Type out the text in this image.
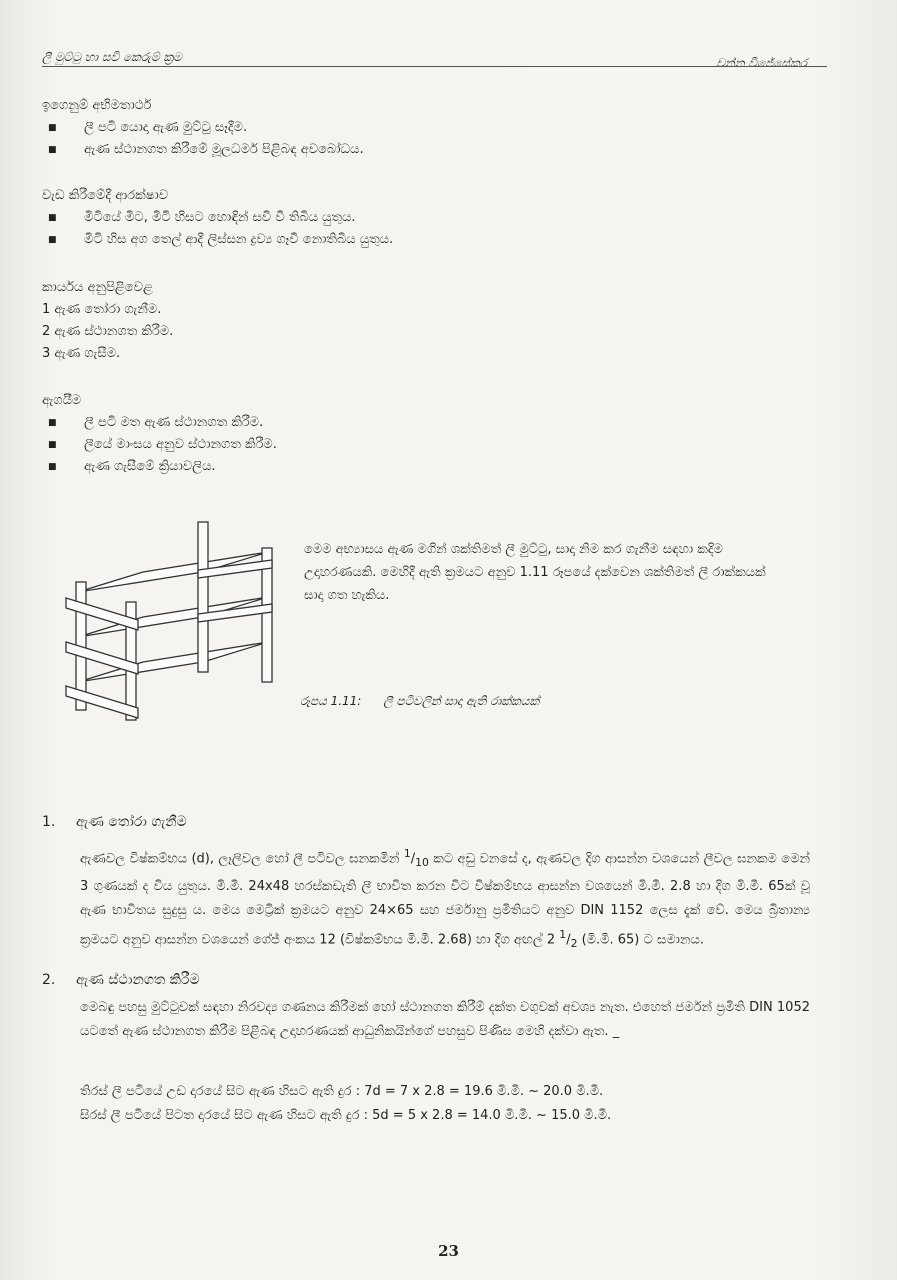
ලී මුට්ටු හා සවි කෙරුම් ක්‍රම	චන්න විජේසේකර
ඉගෙනුම් අභිමතාර්ථ
■ ලී පටි යොදා ඇණ මුට්ටු සෑදීම.
■ ඇණ ස්ථානගත කිරීමේ මූලධර්ම පිළිබඳ අවබෝධය.
වැඩ කිරීමේදී ආරක්ෂාව
■ මිටියේ මිට, මිටි හිසට හොඳින් සවි වී තිබිය යුතුය.
■ මිටි හිස අග තෙල් ආදී ලිස්සන ද්‍රව්‍ය ගෑවී නොතිබිය යුතුය.
කාර්යය අනුපිළිවෙළ
1 ඇණ තෝරා ගැනීම.
2 ඇණ ස්ථානගත කිරීම.
3 ඇණ ගැසීම.
ඇගයීම
■ ලී පටි මත ඇණ ස්ථානගත කිරීම.
■ ලීයේ මාංසය අනුව ස්ථානගත කිරීම.
■ ඇණ ගැසීමේ ක්‍රියාවලිය.
මෙම අභ්‍යාසය ඇණ මගින් ශක්තිමත් ලී මුට්ටු, සාදා නිම කර ගැනීම සඳහා කදිම උදාහරණයකි. මෙහිදී ඇති ක්‍රමයට අනුව 1.11 රූපයේ දක්වෙන ශක්තිමත් ලී රාක්කයක් සාදා ගත හැකිය.
රූපය 1.11: ලී පටිවලින් සාදා ඇති රාක්කයක්
1. ඇණ තෝරා ගැනීම
ඇණවල විෂ්කම්භය (d), ලෑලිවල හෝ ලී පටිවල ඝනකමින් $^1/_{10}$ කට අඩු වනසේ ද, ඇණවල දිග ආසන්න වශයෙන් ලීවල ඝනකම මෙන් 3 ගුණයක් ද විය යුතුය. මි.මී. 24x48 හරස්කඩැති ලී භාවිත කරන විට විෂ්කම්භය ආසන්න වශයෙන් මි.මී. 2.8 හා දිග මි.මී. 65ක් වූ ඇණ භාවිතය සුදුසු ය. මෙය මෙට්‍රික් ක්‍රමයට අනුව 24×65 සහ ජර්මානු ප්‍රමිතියට අනුව DIN 1152 ලෙස දැක් වේ. මෙය බ්‍රිතාන්‍ය ක්‍රමයට අනුව ආසන්න වශයෙන් ගේජ් අංකය 12 (විෂ්කම්භය මි.මී. 2.68) හා දිග අඟල් 2 $^1/_2$ (මි.මී. 65) ට සමානය.
2. ඇණ ස්ථානගත කිරීම
මෙබඳු පහසු මුට්ටුවක් සඳහා නිරවද්‍ය ගණනය කිරීමක් හෝ ස්ථානගත කිරීම් දක්ත වගුවක් අවශ්‍ය නැත. එහෙත් ජර්මන් ප්‍රමිති DIN 1052 යටතේ ඇණ ස්ථානගත කිරීම පිළිබඳ උදාහරණයක් ආධුනිකයින්ගේ පහසුව පිණිස මෙහි දක්වා ඇත. _
තිරස් ලී පටියේ උඩ දාරයේ සිට ඇණ හිසට ඇති දුර : 7d = 7 x 2.8 = 19.6 මි.මී. ~ 20.0 මි.මී.
සිරස් ලී පටියේ පිටත දාරයේ සිට ඇණ හිසට ඇති දුර : 5d = 5 x 2.8 = 14.0 මි.මී. ~ 15.0 මි.මී.
23
